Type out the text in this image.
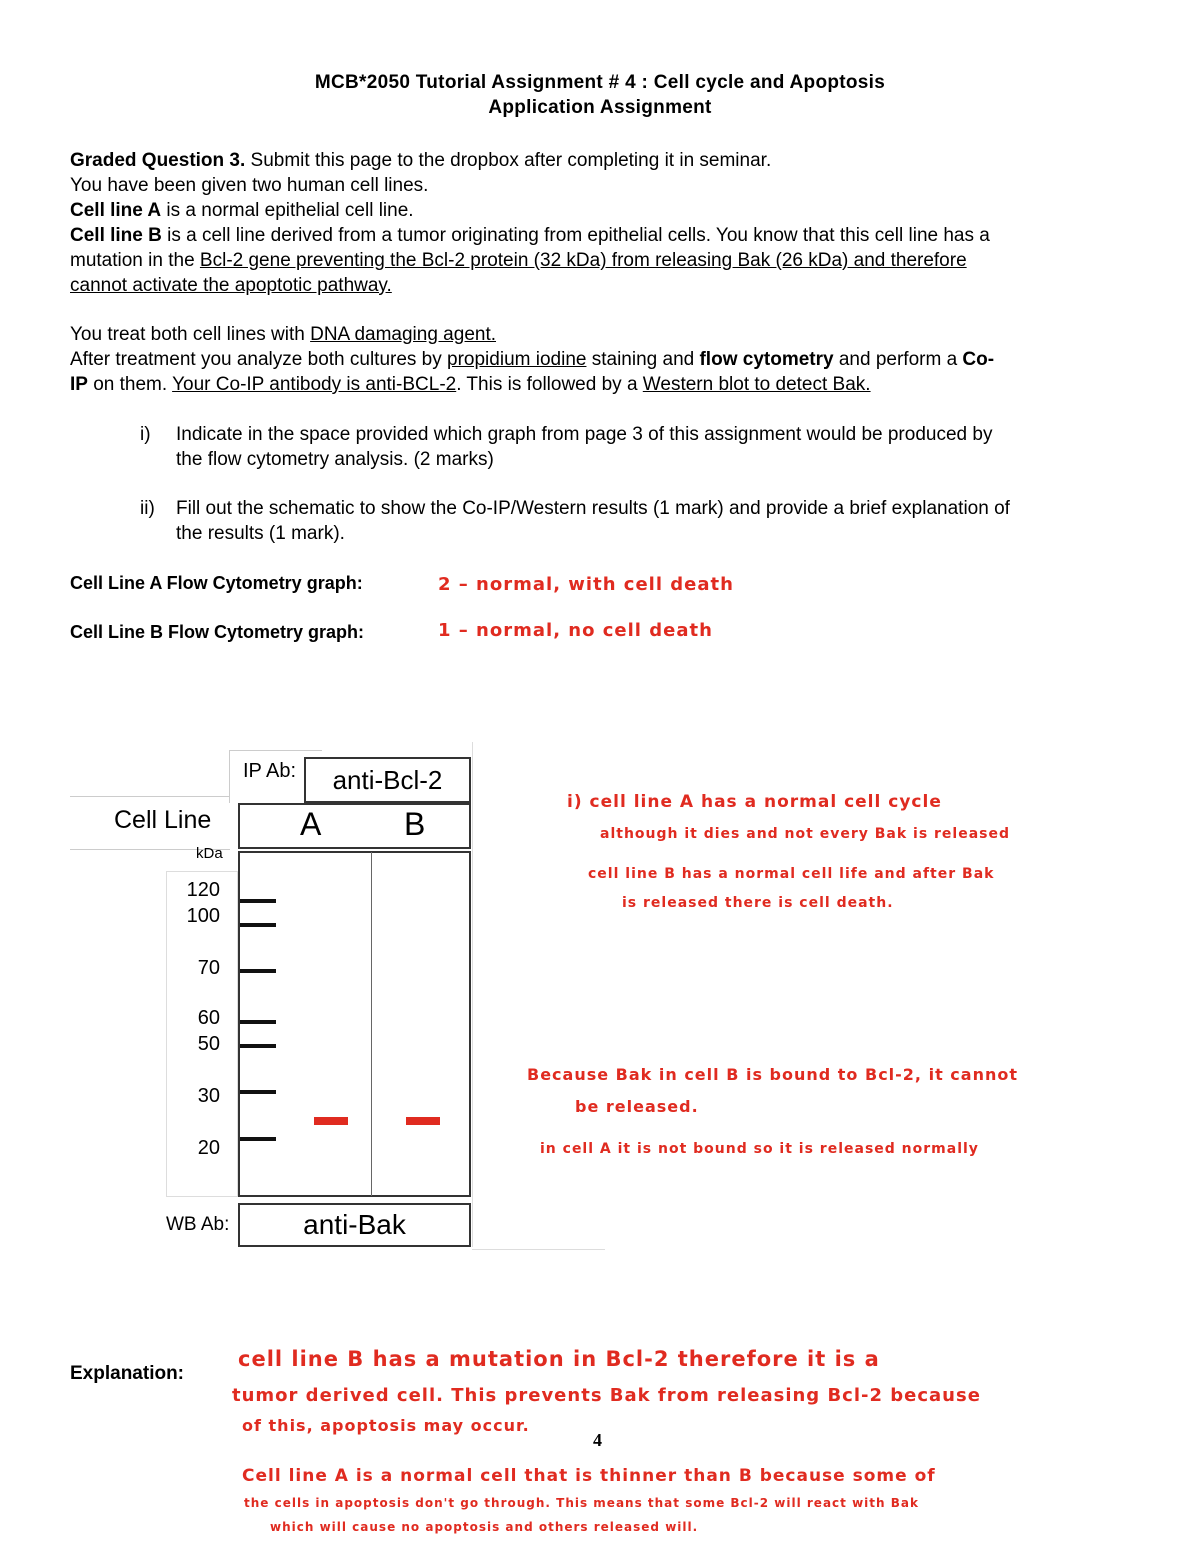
MCB*2050 Tutorial Assignment # 4 : Cell cycle and Apoptosis
Application Assignment
Graded Question 3. Submit this page to the dropbox after completing it in seminar.
You have been given two human cell lines.
Cell line A is a normal epithelial cell line.
Cell line B is a cell line derived from a tumor originating from epithelial cells. You know that this cell line has a
mutation in the Bcl-2 gene preventing the Bcl-2 protein (32 kDa) from releasing Bak (26 kDa) and therefore
cannot activate the apoptotic pathway.
You treat both cell lines with DNA damaging agent.
After treatment you analyze both cultures by propidium iodine staining and flow cytometry and perform a Co-
IP on them. Your Co-IP antibody is anti-BCL-2. This is followed by a Western blot to detect Bak.
i) Indicate in the space provided which graph from page 3 of this assignment would be produced by
the flow cytometry analysis. (2 marks)
ii) Fill out the schematic to show the Co-IP/Western results (1 mark) and provide a brief explanation of
the results (1 mark).
Cell Line A Flow Cytometry graph:	2 – normal, with cell death
Cell Line B Flow Cytometry graph:	1 – normal, no cell death
IP Ab:	anti-Bcl-2
Cell Line	A	B
kDa
120
100
70
60
50
30
20
WB Ab:	anti-Bak
i) cell line A has a normal cell cycle
although it dies and not every Bak is released
cell line B has a normal cell life and after Bak
is released there is cell death.
Because Bak in cell B is bound to Bcl-2, it cannot
be released.
in cell A it is not bound so it is released normally
Explanation:
cell line B has a mutation in Bcl-2 therefore it is a
tumor derived cell. This prevents Bak from releasing Bcl-2 because
of this, apoptosis may occur.
4
Cell line A is a normal cell that is thinner than B because some of
the cells in apoptosis don't go through. This means that some Bcl-2 will react with Bak
which will cause no apoptosis and others released will.
